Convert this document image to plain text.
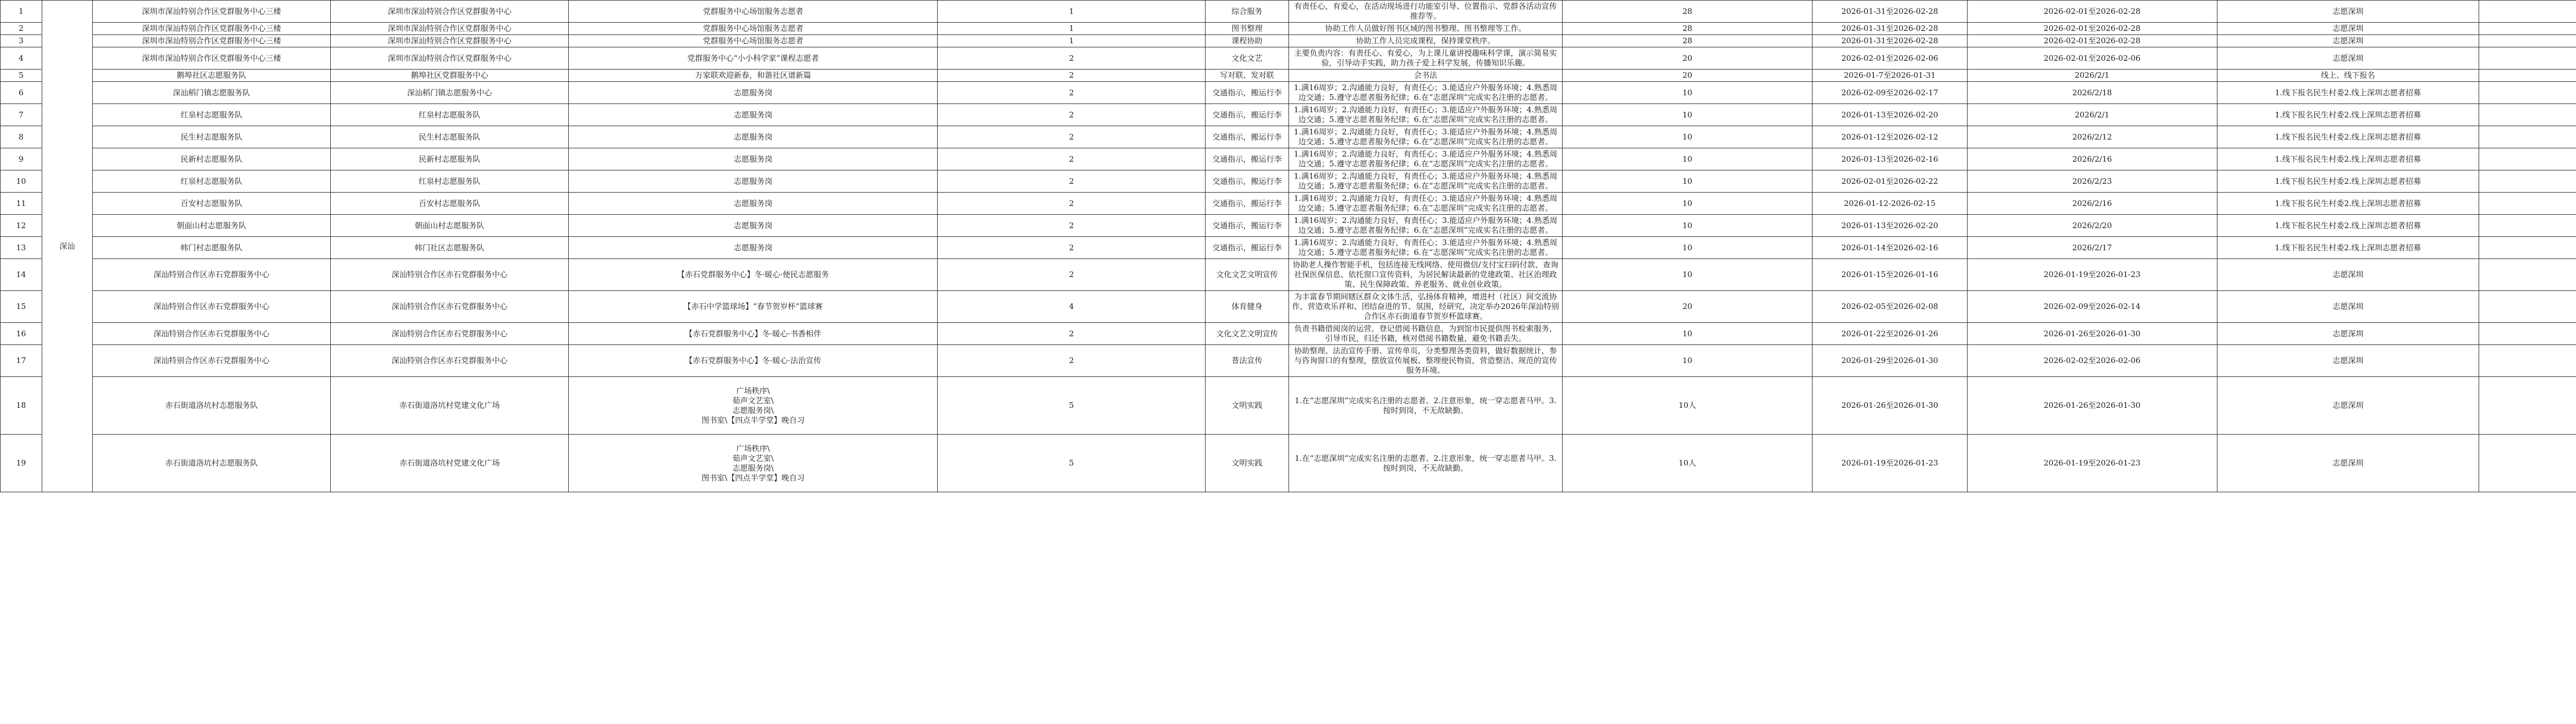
1	深汕	深圳市深汕特别合作区党群服务中心三楼	深圳市深汕特别合作区党群服务中心	党群服务中心场馆服务志愿者	1	综合服务	有责任心，有爱心，在活动现场进行功能室引导、位置指示、党群各活动宣传推荐等。	28	2026-01-31至2026-02-28	2026-02-01至2026-02-28	志愿深圳				
2		深圳市深汕特别合作区党群服务中心三楼	深圳市深汕特别合作区党群服务中心	党群服务中心场馆服务志愿者	1	图书整理	协助工作人员做好图书区域的图书整理、图书整理等工作。	28	2026-01-31至2026-02-28	2026-02-01至2026-02-28	志愿深圳				
3		深圳市深汕特别合作区党群服务中心三楼	深圳市深汕特别合作区党群服务中心	党群服务中心场馆服务志愿者	1	课程协助	协助工作人员完成课程，保持课堂秩序。	28	2026-01-31至2026-02-28	2026-02-01至2026-02-28	志愿深圳				
4		深圳市深汕特别合作区党群服务中心三楼	深圳市深汕特别合作区党群服务中心	党群服务中心“小小科学家”课程志愿者	2	文化文艺	主要负责内容：有责任心、有爱心，为上课儿童讲授趣味科学课，演示简易实验，引导动手实践，助力孩子爱上科学发展，传播知识乐趣。	20	2026-02-01至2026-02-06	2026-02-01至2026-02-06	志愿深圳				
5		鹅埠社区志愿服务队	鹅埠社区党群服务中心	万家联欢迎新春，和谐社区谱新篇	2	写对联、发对联	会书法	20	2026-01-7至2026-01-31	2026/2/1	线上、线下报名				
6		深汕稻门镇志愿服务队	深汕稻门镇志愿服务中心	志愿服务岗	2	交通指示，搬运行李	1.满16周岁；2.沟通能力良好，有责任心；3.能适应户外服务环境；4.熟悉周边交通；5.遵守志愿者服务纪律；6.在“志愿深圳”完成实名注册的志愿者。	10	2026-02-09至2026-02-17	2026/2/18	1.线下报名民生村委2.线上深圳志愿者招募				
7		红泉村志愿服务队	红泉村志愿服务队	志愿服务岗	2	交通指示，搬运行李	1.满16周岁；2.沟通能力良好，有责任心；3.能适应户外服务环境；4.熟悉周边交通；5.遵守志愿者服务纪律；6.在“志愿深圳”完成实名注册的志愿者。	10	2026-01-13至2026-02-20	2026/2/1	1.线下报名民生村委2.线上深圳志愿者招募				
8		民生村志愿服务队	民生村志愿服务队	志愿服务岗	2	交通指示，搬运行李	1.满16周岁；2.沟通能力良好，有责任心；3.能适应户外服务环境；4.熟悉周边交通；5.遵守志愿者服务纪律；6.在“志愿深圳”完成实名注册的志愿者。	10	2026-01-12至2026-02-12	2026/2/12	1.线下报名民生村委2.线上深圳志愿者招募				
9		民新村志愿服务队	民新村志愿服务队	志愿服务岗	2	交通指示，搬运行李	1.满16周岁；2.沟通能力良好，有责任心；3.能适应户外服务环境；4.熟悉周边交通；5.遵守志愿者服务纪律；6.在“志愿深圳”完成实名注册的志愿者。	10	2026-01-13至2026-02-16	2026/2/16	1.线下报名民生村委2.线上深圳志愿者招募				
10		红泉村志愿服务队	红泉村志愿服务队	志愿服务岗	2	交通指示，搬运行李	1.满16周岁；2.沟通能力良好，有责任心；3.能适应户外服务环境；4.熟悉周边交通；5.遵守志愿者服务纪律；6.在“志愿深圳”完成实名注册的志愿者。	10	2026-02-01至2026-02-22	2026/2/23	1.线下报名民生村委2.线上深圳志愿者招募				
11		百安村志愿服务队	百安村志愿服务队	志愿服务岗	2	交通指示，搬运行李	1.满16周岁；2.沟通能力良好，有责任心；3.能适应户外服务环境；4.熟悉周边交通；5.遵守志愿者服务纪律；6.在“志愿深圳”完成实名注册的志愿者。	10	2026-01-12-2026-02-15	2026/2/16	1.线下报名民生村委2.线上深圳志愿者招募				
12		朝面山村志愿服务队	朝面山村志愿服务队	志愿服务岗	2	交通指示，搬运行李	1.满16周岁；2.沟通能力良好，有责任心；3.能适应户外服务环境；4.熟悉周边交通；5.遵守志愿者服务纪律；6.在“志愿深圳”完成实名注册的志愿者。	10	2026-01-13至2026-02-20	2026/2/20	1.线下报名民生村委2.线上深圳志愿者招募				
13		帏门村志愿服务队	帏门社区志愿服务队	志愿服务岗	2	交通指示，搬运行李	1.满16周岁；2.沟通能力良好，有责任心；3.能适应户外服务环境；4.熟悉周边交通；5.遵守志愿者服务纪律；6.在“志愿深圳”完成实名注册的志愿者。	10	2026-01-14至2026-02-16	2026/2/17	1.线下报名民生村委2.线上深圳志愿者招募				
14		深汕特别合作区赤石党群服务中心	深汕特别合作区赤石党群服务中心	【赤石党群服务中心】冬·暖心·便民志愿服务	2	文化文艺文明宣传	协助老人操作智能手机，包括连接无线网络、使用微信/支付宝扫码付款、查询社保医保信息、依托窗口宣传资料，为居民解读最新的党建政策、社区治理政策、民生保障政策、养老服务、就业创业政策。	10	2026-01-15至2026-01-16	2026-01-19至2026-01-23	志愿深圳				
15		深汕特别合作区赤石党群服务中心	深汕特别合作区赤石党群服务中心	【赤石中学篮球场】“春节贺岁杯”篮球赛	4	体育健身	为丰富春节期间辖区群众文体生活，弘扬体育精神，增进村（社区）间交流协作，营造欢乐祥和、团结奋进的节、氛围，经研究，决定举办2026年深汕特别合作区赤石街道春节贺岁杯篮球赛。	20	2026-02-05至2026-02-08	2026-02-09至2026-02-14	志愿深圳				
16		深汕特别合作区赤石党群服务中心	深汕特别合作区赤石党群服务中心	【赤石党群服务中心】冬·暖心·书香相伴	2	文化文艺文明宣传	负责书籍借阅岗的运营，登记借阅书籍信息，为到馆市民提供图书检索服务，引导市民，归还书籍，核对借阅书籍数量，避免书籍丢失。	10	2026-01-22至2026-01-26	2026-01-26至2026-01-30	志愿深圳				
17		深汕特别合作区赤石党群服务中心	深汕特别合作区赤石党群服务中心	【赤石党群服务中心】冬·暖心·法治宣传	2	普法宣传	协助整理、法治宣传手册、宣传单页，分类整理各类资料，做好数据统计，参与咨询窗口的有整理，摆放宣传展板、整理便民物资，营造整洁、规范的宣传服务环境。	10	2026-01-29至2026-01-30	2026-02-02至2026-02-06	志愿深圳				
18		赤石街道洛坑村志愿服务队	赤石街道洛坑村党建文化广场	广场秩序\
茹声文艺室\
志愿服务岗\
图书室\【四点半学堂】晚自习	5	文明实践	1.在“志愿深圳”完成实名注册的志愿者。2.注意形象，统一穿志愿者马甲。3.按时到岗，不无故缺勤。	10人	2026-01-26至2026-01-30	2026-01-26至2026-01-30	志愿深圳				
19		赤石街道洛坑村志愿服务队	赤石街道洛坑村党建文化广场	广场秩序\
茹声文艺室\
志愿服务岗\
图书室\【四点半学堂】晚自习	5	文明实践	1.在“志愿深圳”完成实名注册的志愿者。2.注意形象，统一穿志愿者马甲。3.按时到岗，不无故缺勤。	10人	2026-01-19至2026-01-23	2026-01-19至2026-01-23	志愿深圳				
